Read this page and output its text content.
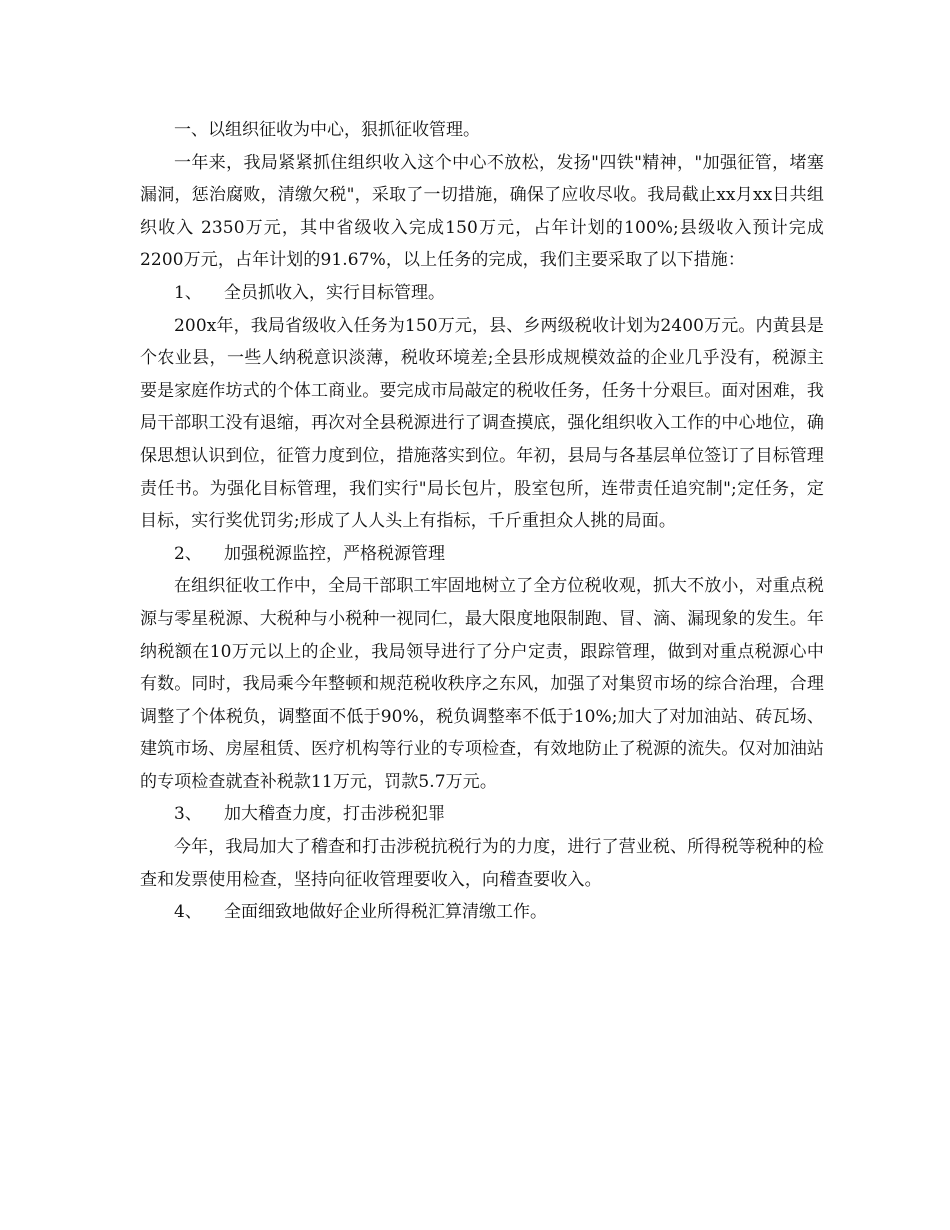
一、以组织征收为中心，狠抓征收管理。

一年来，我局紧紧抓住组织收入这个中心不放松，发扬"四铁"精神，"加强征管，堵塞漏洞，惩治腐败，清缴欠税"，采取了一切措施，确保了应收尽收。我局截止xx月xx日共组织收入 2350万元，其中省级收入完成150万元，占年计划的100%;县级收入预计完成2200万元，占年计划的91.67%，以上任务的完成，我们主要采取了以下措施：

1、 全员抓收入，实行目标管理。

200x年，我局省级收入任务为150万元，县、乡两级税收计划为2400万元。内黄县是个农业县，一些人纳税意识淡薄，税收环境差;全县形成规模效益的企业几乎没有，税源主要是家庭作坊式的个体工商业。要完成市局敲定的税收任务，任务十分艰巨。面对困难，我局干部职工没有退缩，再次对全县税源进行了调查摸底，强化组织收入工作的中心地位，确保思想认识到位，征管力度到位，措施落实到位。年初，县局与各基层单位签订了目标管理责任书。为强化目标管理，我们实行"局长包片，股室包所，连带责任追究制";定任务，定目标，实行奖优罚劣;形成了人人头上有指标，千斤重担众人挑的局面。

2、 加强税源监控，严格税源管理

在组织征收工作中，全局干部职工牢固地树立了全方位税收观，抓大不放小，对重点税源与零星税源、大税种与小税种一视同仁，最大限度地限制跑、冒、滴、漏现象的发生。年纳税额在10万元以上的企业，我局领导进行了分户定责，跟踪管理，做到对重点税源心中有数。同时，我局乘今年整顿和规范税收秩序之东风，加强了对集贸市场的综合治理，合理调整了个体税负，调整面不低于90%，税负调整率不低于10%;加大了对加油站、砖瓦场、建筑市场、房屋租赁、医疗机构等行业的专项检查，有效地防止了税源的流失。仅对加油站的专项检查就查补税款11万元，罚款5.7万元。

3、 加大稽查力度，打击涉税犯罪

今年，我局加大了稽查和打击涉税抗税行为的力度，进行了营业税、所得税等税种的检查和发票使用检查，坚持向征收管理要收入，向稽查要收入。

4、 全面细致地做好企业所得税汇算清缴工作。
